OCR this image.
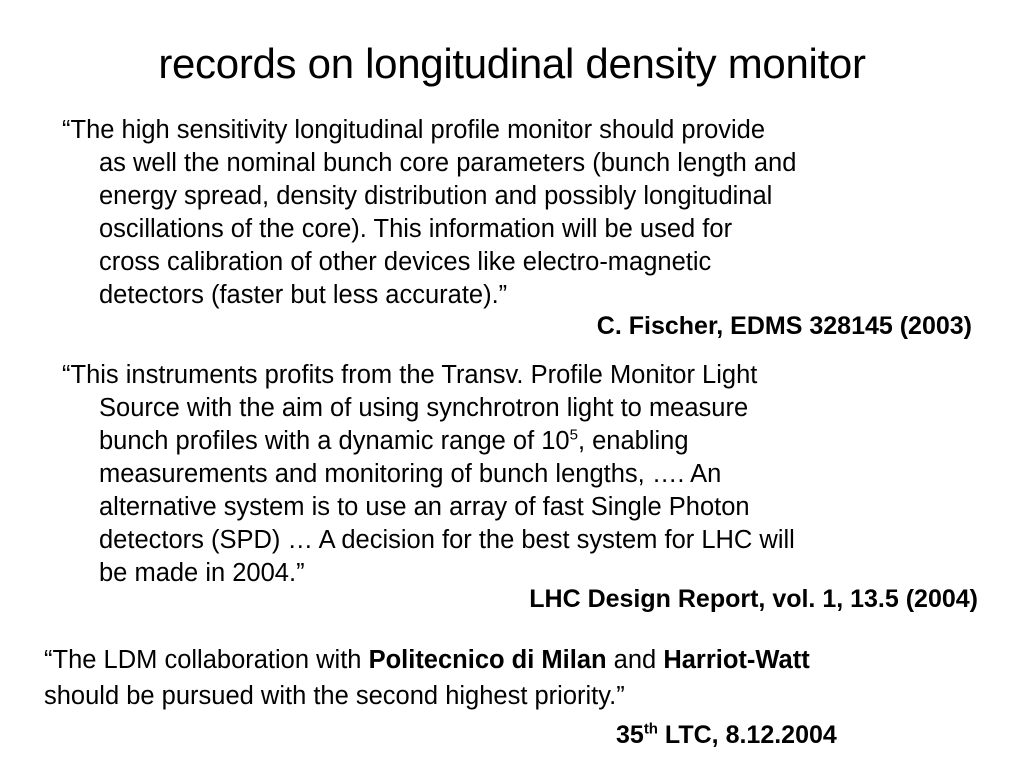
records on longitudinal density monitor
“The high sensitivity longitudinal profile monitor should provide
as well the nominal bunch core parameters (bunch length and
energy spread, density distribution and possibly longitudinal
oscillations of the core). This information will be used for
cross calibration of other devices like electro-magnetic
detectors (faster but less accurate).”
C. Fischer, EDMS 328145 (2003)
“This instruments profits from the Transv. Profile Monitor Light
Source with the aim of using synchrotron light to measure
bunch profiles with a dynamic range of $10^5$, enabling
measurements and monitoring of bunch lengths, …. An
alternative system is to use an array of fast Single Photon
detectors (SPD) … A decision for the best system for LHC will
be made in 2004.”
LHC Design Report, vol. 1, 13.5 (2004)
“The LDM collaboration with Politecnico di Milan and Harriot-Watt
should be pursued with the second highest priority.”
35th LTC, 8.12.2004
